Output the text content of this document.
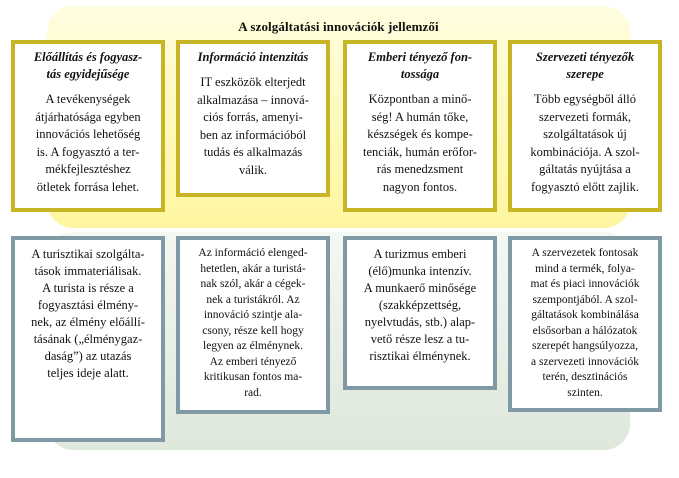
A szolgáltatási innovációk jellemzői
Előállítás és fogyasz-
tás egyidejűsége
A tevékenységek
átjárhatósága egyben
innovációs lehetőség
is. A fogyasztó a ter-
mékfejlesztéshez
ötletek forrása lehet.
A turisztikai szolgálta-
tások immateriálisak.
A turista is része a
fogyasztási élmény-
nek, az élmény előállí-
tásának („élménygaz-
daság”) az utazás
teljes ideje alatt.
Információ intenzitás
IT eszközök elterjedt
alkalmazása – innová-
ciós forrás, amenyi-
ben az információból
tudás és alkalmazás
válik.
Az információ elenged-
hetetlen, akár a turistá-
nak szól, akár a cégek-
nek a turistákról. Az
innováció szintje ala-
csony, része kell hogy
legyen az élménynek.
Az emberi tényező
kritikusan fontos ma-
rad.
Emberi tényező fon-
tossága
Központban a minő-
ség! A humán tőke,
készségek és kompe-
tenciák, humán erőfor-
rás menedzsment
nagyon fontos.
A turizmus emberi
(élő)munka intenzív.
A munkaerő minősége
(szakképzettség,
nyelvtudás, stb.) alap-
vető része lesz a tu-
risztikai élménynek.
Szervezeti tényezők
szerepe
Több egységből álló
szervezeti formák,
szolgáltatások új
kombinációja. A szol-
gáltatás nyújtása a
fogyasztó előtt zajlik.
A szervezetek fontosak
mind a termék, folya-
mat és piaci innovációk
szempontjából. A szol-
gáltatások kombinálása
elsősorban a hálózatok
szerepét hangsúlyozza,
a szervezeti innovációk
terén, desztinációs
szinten.
